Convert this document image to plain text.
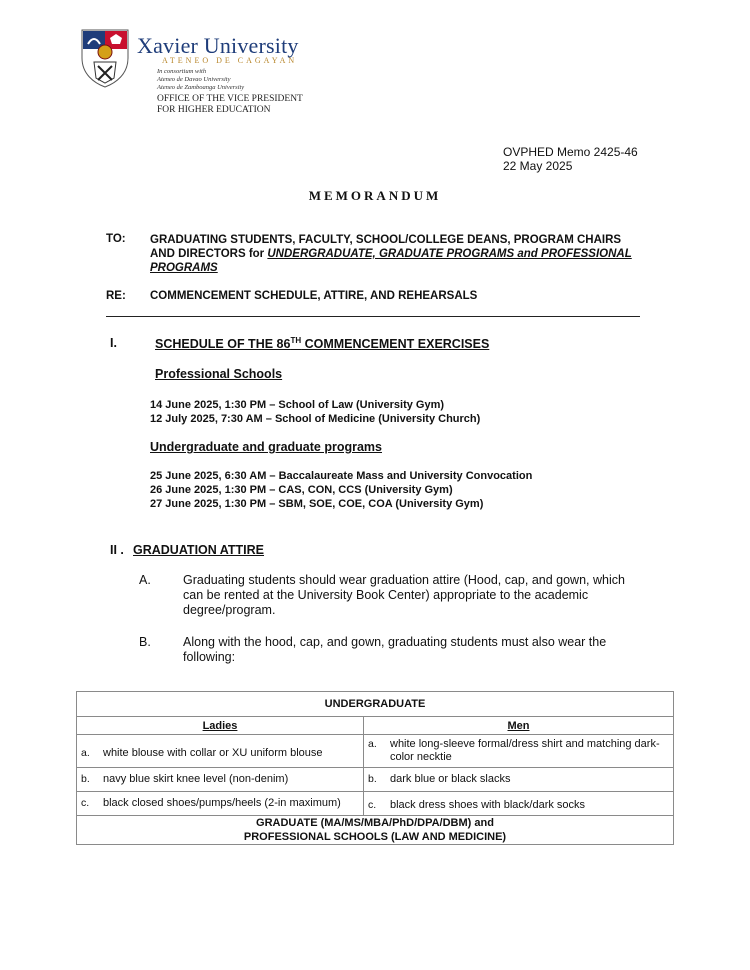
Xavier University
ATENEO DE CAGAYAN
In consortium with
Ateneo de Davao University
Ateneo de Zamboanga University
OFFICE OF THE VICE PRESIDENT
FOR HIGHER EDUCATION
OVPHED Memo 2425-46
22 May 2025
MEMORANDUM
TO: GRADUATING STUDENTS, FACULTY, SCHOOL/COLLEGE DEANS, PROGRAM CHAIRS AND DIRECTORS for UNDERGRADUATE, GRADUATE PROGRAMS and PROFESSIONAL PROGRAMS
RE: COMMENCEMENT SCHEDULE, ATTIRE, AND REHEARSALS
I.	SCHEDULE OF THE 86TH COMMENCEMENT EXERCISES
Professional Schools
14 June 2025, 1:30 PM – School of Law (University Gym)
12 July 2025, 7:30 AM – School of Medicine (University Church)
Undergraduate and graduate programs
25 June 2025, 6:30 AM – Baccalaureate Mass and University Convocation
26 June 2025, 1:30 PM – CAS, CON, CCS (University Gym)
27 June 2025, 1:30 PM – SBM, SOE, COE, COA (University Gym)
II . GRADUATION ATTIRE
A.	Graduating students should wear graduation attire (Hood, cap, and gown, which can be rented at the University Book Center) appropriate to the academic degree/program.
B.	Along with the hood, cap, and gown, graduating students must also wear the following:
UNDERGRADUATE	
Ladies	Men

a. white blouse with collar or XU uniform blouse	a. white long-sleeve formal/dress shirt and matching dark-color necktie

b. navy blue skirt knee level (non-denim)	b. dark blue or black slacks

c. black closed shoes/pumps/heels (2-in maximum)	c. black dress shoes with black/dark socks

GRADUATE (MA/MS/MBA/PhD/DPA/DBM) and
PROFESSIONAL SCHOOLS (LAW AND MEDICINE)	
